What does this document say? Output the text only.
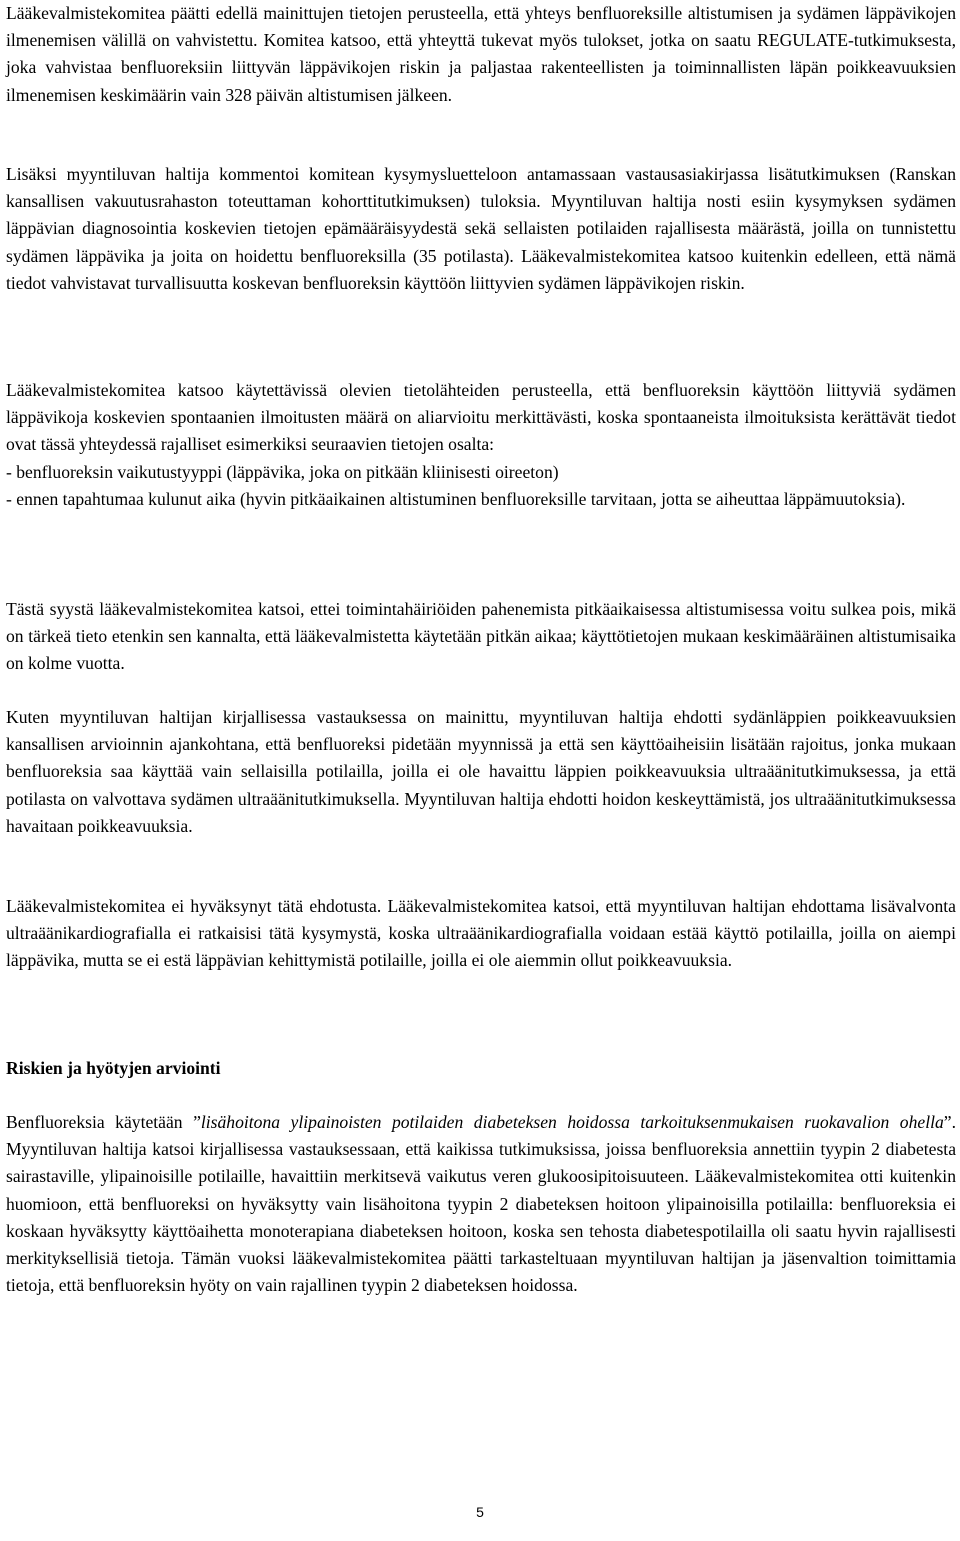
Lääkevalmistekomitea päätti edellä mainittujen tietojen perusteella, että yhteys benfluoreksille altistumisen ja sydämen läppävikojen ilmenemisen välillä on vahvistettu. Komitea katsoo, että yhteyttä tukevat myös tulokset, jotka on saatu REGULATE-tutkimuksesta, joka vahvistaa benfluoreksiin liittyvän läppävikojen riskin ja paljastaa rakenteellisten ja toiminnallisten läpän poikkeavuuksien ilmenemisen keskimäärin vain 328 päivän altistumisen jälkeen.

Lisäksi myyntiluvan haltija kommentoi komitean kysymysluetteloon antamassaan vastausasiakirjassa lisätutkimuksen (Ranskan kansallisen vakuutusrahaston toteuttaman kohorttitutkimuksen) tuloksia. Myyntiluvan haltija nosti esiin kysymyksen sydämen läppävian diagnosointia koskevien tietojen epämääräisyydestä sekä sellaisten potilaiden rajallisesta määrästä, joilla on tunnistettu sydämen läppävika ja joita on hoidettu benfluoreksilla (35 potilasta). Lääkevalmistekomitea katsoo kuitenkin edelleen, että nämä tiedot vahvistavat turvallisuutta koskevan benfluoreksin käyttöön liittyvien sydämen läppävikojen riskin.

Lääkevalmistekomitea katsoo käytettävissä olevien tietolähteiden perusteella, että benfluoreksin käyttöön liittyviä sydämen läppävikoja koskevien spontaanien ilmoitusten määrä on aliarvioitu merkittävästi, koska spontaaneista ilmoituksista kerättävät tiedot ovat tässä yhteydessä rajalliset esimerkiksi seuraavien tietojen osalta:

- benfluoreksin vaikutustyyppi (läppävika, joka on pitkään kliinisesti oireeton)

- ennen tapahtumaa kulunut aika (hyvin pitkäaikainen altistuminen benfluoreksille tarvitaan, jotta se aiheuttaa läppämuutoksia).

Tästä syystä lääkevalmistekomitea katsoi, ettei toimintahäiriöiden pahenemista pitkäaikaisessa altistumisessa voitu sulkea pois, mikä on tärkeä tieto etenkin sen kannalta, että lääkevalmistetta käytetään pitkän aikaa; käyttötietojen mukaan keskimääräinen altistumisaika on kolme vuotta.

Kuten myyntiluvan haltijan kirjallisessa vastauksessa on mainittu, myyntiluvan haltija ehdotti sydänläppien poikkeavuuksien kansallisen arvioinnin ajankohtana, että benfluoreksi pidetään myynnissä ja että sen käyttöaiheisiin lisätään rajoitus, jonka mukaan benfluoreksia saa käyttää vain sellaisilla potilailla, joilla ei ole havaittu läppien poikkeavuuksia ultraäänitutkimuksessa, ja että potilasta on valvottava sydämen ultraäänitutkimuksella. Myyntiluvan haltija ehdotti hoidon keskeyttämistä, jos ultraäänitutkimuksessa havaitaan poikkeavuuksia.

Lääkevalmistekomitea ei hyväksynyt tätä ehdotusta. Lääkevalmistekomitea katsoi, että myyntiluvan haltijan ehdottama lisävalvonta ultraäänikardiografialla ei ratkaisisi tätä kysymystä, koska ultraäänikardiografialla voidaan estää käyttö potilailla, joilla on aiempi läppävika, mutta se ei estä läppävian kehittymistä potilaille, joilla ei ole aiemmin ollut poikkeavuuksia.

Riskien ja hyötyjen arviointi

Benfluoreksia käytetään ”lisähoitona ylipainoisten potilaiden diabeteksen hoidossa tarkoituksenmukaisen ruokavalion ohella”. Myyntiluvan haltija katsoi kirjallisessa vastauksessaan, että kaikissa tutkimuksissa, joissa benfluoreksia annettiin tyypin 2 diabetesta sairastaville, ylipainoisille potilaille, havaittiin merkitsevä vaikutus veren glukoosipitoisuuteen. Lääkevalmistekomitea otti kuitenkin huomioon, että benfluoreksi on hyväksytty vain lisähoitona tyypin 2 diabeteksen hoitoon ylipainoisilla potilailla: benfluoreksia ei koskaan hyväksytty käyttöaihetta monoterapiana diabeteksen hoitoon, koska sen tehosta diabetespotilailla oli saatu hyvin rajallisesti merkityksellisiä tietoja. Tämän vuoksi lääkevalmistekomitea päätti tarkasteltuaan myyntiluvan haltijan ja jäsenvaltion toimittamia tietoja, että benfluoreksin hyöty on vain rajallinen tyypin 2 diabeteksen hoidossa.

5
